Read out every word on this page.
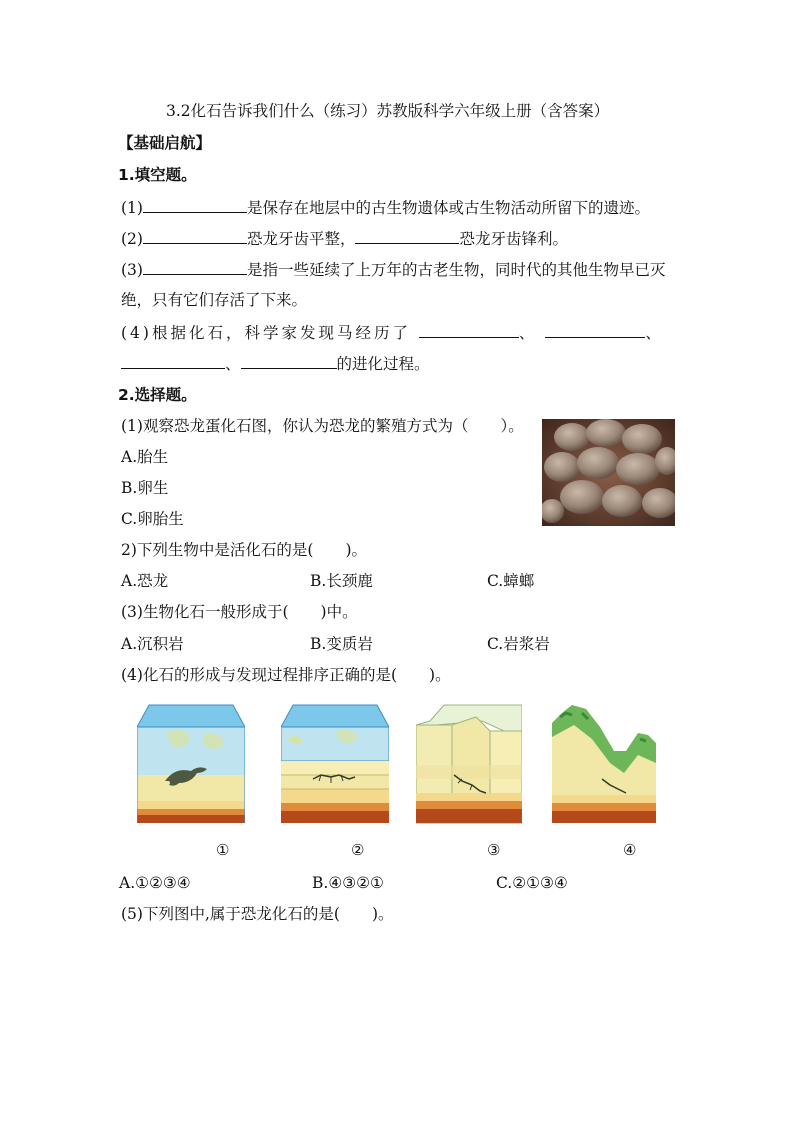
3.2化石告诉我们什么（练习）苏教版科学六年级上册（含答案）
【基础启航】
1.填空题。
(1)	是保存在地层中的古生物遗体或古生物活动所留下的遗迹。
(2)	恐龙牙齿平整，	恐龙牙齿锋利。
(3)	是指一些延续了上万年的古老生物，同时代的其他生物早已灭
绝，只有它们存活了下来。
(4)根据化石，科学家发现马经历了	、	、
、	的进化过程。
2.选择题。
(1)观察恐龙蛋化石图，你认为恐龙的繁殖方式为（ ）。
A.胎生
B.卵生
C.卵胎生
2)下列生物中是活化石的是( )。
A.恐龙	B.长颈鹿	C.蟑螂
(3)生物化石一般形成于( )中。
A.沉积岩	B.变质岩	C.岩浆岩
(4)化石的形成与发现过程排序正确的是( )。
①	②	③	④
A.①②③④	B.④③②①	C.②①③④
(5)下列图中,属于恐龙化石的是( )。
